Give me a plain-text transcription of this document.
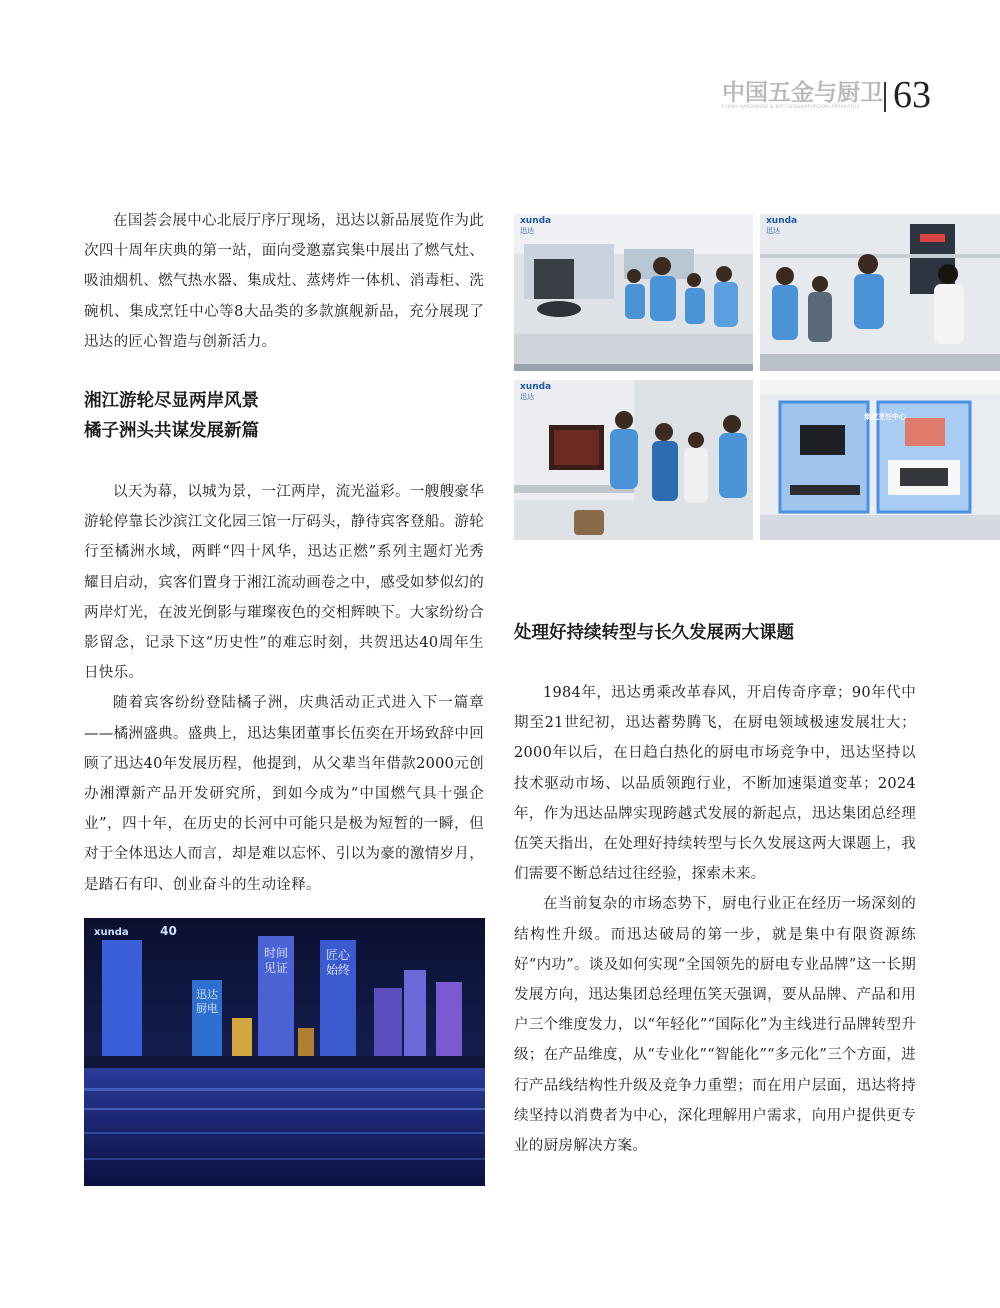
中国五金与厨卫
CHINA HARDWARE & KITCHEN&BATHROOM APPARATUS 63

在国荟会展中心北辰厅序厅现场，迅达以新品展览作为此次四十周年庆典的第一站，面向受邀嘉宾集中展出了燃气灶、吸油烟机、燃气热水器、集成灶、蒸烤炸一体机、消毒柜、洗碗机、集成烹饪中心等8大品类的多款旗舰新品，充分展现了迅达的匠心智造与创新活力。

湘江游轮尽显两岸风景
橘子洲头共谋发展新篇

以天为幕，以城为景，一江两岸，流光溢彩。一艘艘豪华游轮停靠长沙滨江文化园三馆一厅码头，静待宾客登船。游轮行至橘洲水域，两畔“四十风华，迅达正燃”系列主题灯光秀耀目启动，宾客们置身于湘江流动画卷之中，感受如梦似幻的两岸灯光，在波光倒影与璀璨夜色的交相辉映下。大家纷纷合影留念，记录下这“历史性”的难忘时刻，共贺迅达40周年生日快乐。

随着宾客纷纷登陆橘子洲，庆典活动正式进入下一篇章——橘洲盛典。盛典上，迅达集团董事长伍奕在开场致辞中回顾了迅达40年发展历程，他提到，从父辈当年借款2000元创办湘潭新产品开发研究所，到如今成为“中国燃气具十强企业”，四十年，在历史的长河中可能只是极为短暂的一瞬，但对于全体迅达人而言，却是难以忘怀、引以为豪的激情岁月，是踏石有印、创业奋斗的生动诠释。

处理好持续转型与长久发展两大课题

1984年，迅达勇乘改革春风，开启传奇序章；90年代中期至21世纪初，迅达蓄势腾飞，在厨电领域极速发展壮大；2000年以后，在日趋白热化的厨电市场竞争中，迅达坚持以技术驱动市场、以品质领跑行业，不断加速渠道变革；2024 年，作为迅达品牌实现跨越式发展的新起点，迅达集团总经理伍笑天指出，在处理好持续转型与长久发展这两大课题上，我们需要不断总结过往经验，探索未来。

在当前复杂的市场态势下，厨电行业正在经历一场深刻的结构性升级。而迅达破局的第一步，就是集中有限资源练好“内功”。谈及如何实现“全国领先的厨电专业品牌”这一长期发展方向，迅达集团总经理伍笑天强调，要从品牌、产品和用户三个维度发力，以“年轻化”“国际化”为主线进行品牌转型升级；在产品维度，从“专业化”“智能化”“多元化”三个方面，进行产品线结构性升级及竞争力重塑；而在用户层面，迅达将持续坚持以消费者为中心，深化理解用户需求，向用户提供更专业的厨房解决方案。

xunda
迅达
xunda
迅达
xunda
迅达
集成烹饪中心
xunda	40
时间见证
匠心始终
迅达厨电
